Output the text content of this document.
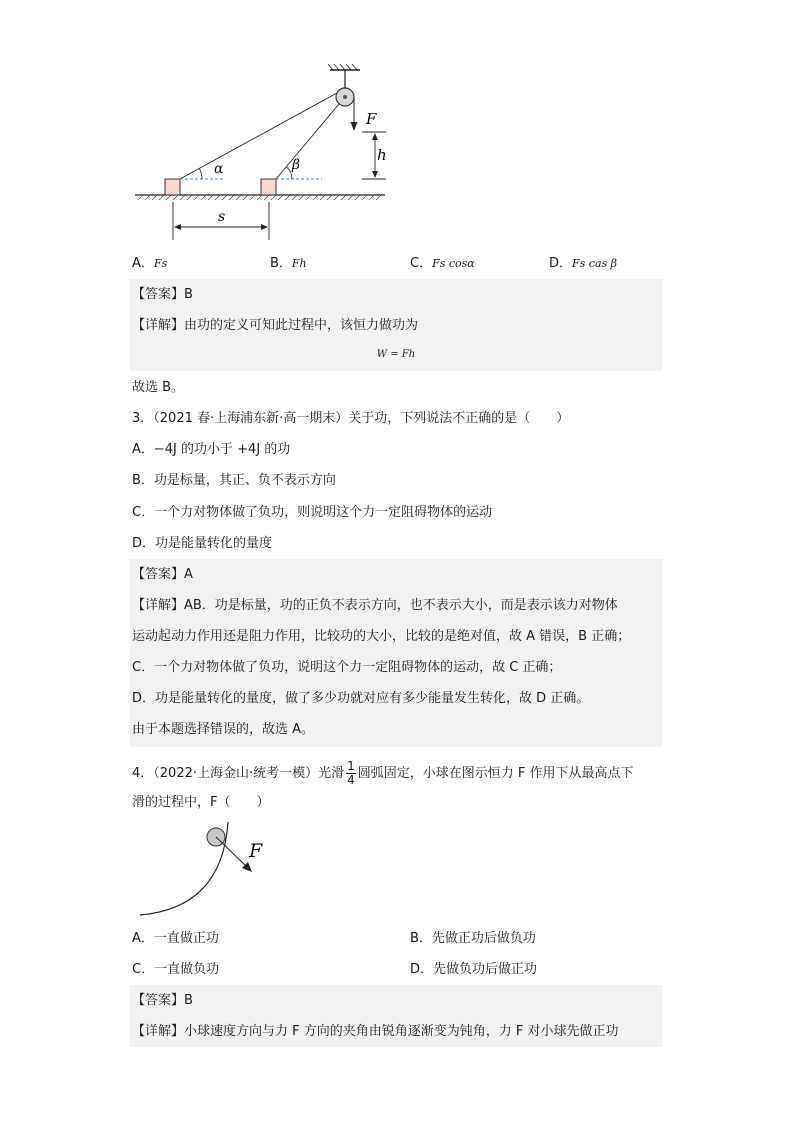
F
h
α	β
s
A．Fs	B．Fh	C．Fs cosα	D．Fs cas β
【答案】B
【详解】由功的定义可知此过程中，该恒力做功为
W = Fh
故选 B。
3．（2021 春·上海浦东新·高一期末）关于功，下列说法不正确的是（　　）
A．−4J 的功小于 +4J 的功
B．功是标量，其正、负不表示方向
C．一个力对物体做了负功，则说明这个力一定阻碍物体的运动
D．功是能量转化的量度
【答案】A
【详解】AB．功是标量，功的正负不表示方向，也不表示大小，而是表示该力对物体
运动起动力作用还是阻力作用，比较功的大小，比较的是绝对值，故 A 错误，B 正确；
C．一个力对物体做了负功，说明这个力一定阻碍物体的运动，故 C 正确；
D．功是能量转化的量度，做了多少功就对应有多少能量发生转化，故 D 正确。
由于本题选择错误的，故选 A。
4．（2022·上海金山·统考一模）光滑 $\frac{1}{4}$ 圆弧固定，小球在图示恒力 F 作用下从最高点下
滑的过程中，F（　　）
F
A．一直做正功	B．先做正功后做负功
C．一直做负功	D．先做负功后做正功
【答案】B
【详解】小球速度方向与力 F 方向的夹角由锐角逐渐变为钝角，力 F 对小球先做正功
